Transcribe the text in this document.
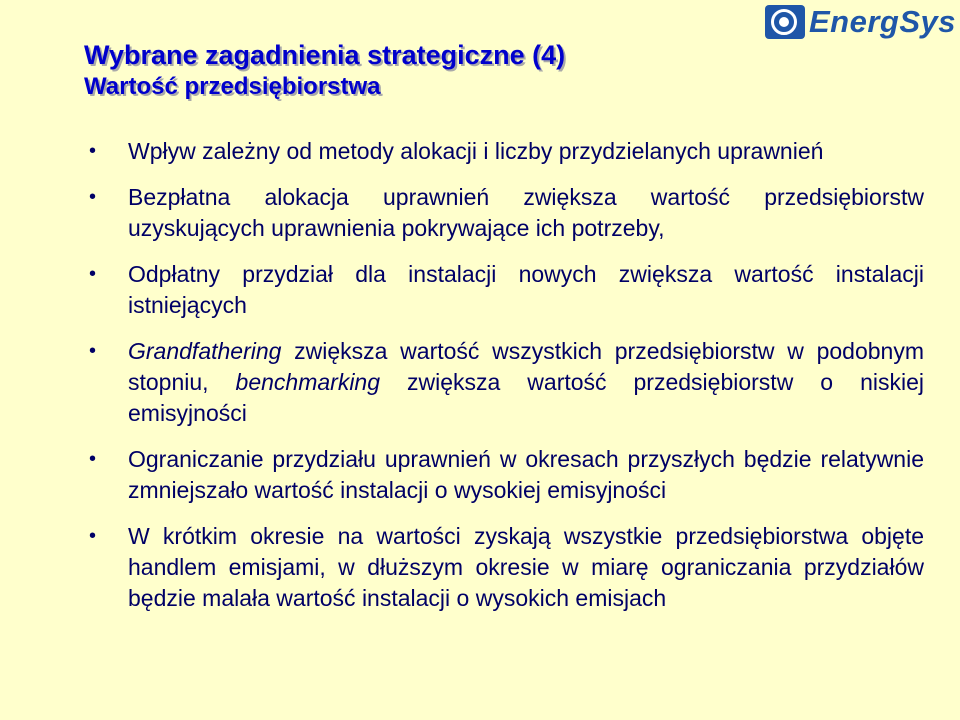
EnergSys
Wybrane zagadnienia strategiczne (4)
Wartość przedsiębiorstwa
• Wpływ zależny od metody alokacji i liczby przydzielanych uprawnień
• Bezpłatna alokacja uprawnień zwiększa wartość przedsiębiorstw uzyskujących uprawnienia pokrywające ich potrzeby,
• Odpłatny przydział dla instalacji nowych zwiększa wartość instalacji istniejących
• Grandfathering zwiększa wartość wszystkich przedsiębiorstw w podobnym stopniu, benchmarking zwiększa wartość przedsiębiorstw o niskiej emisyjności
• Ograniczanie przydziału uprawnień w okresach przyszłych będzie relatywnie zmniejszało wartość instalacji o wysokiej emisyjności
• W krótkim okresie na wartości zyskają wszystkie przedsiębiorstwa objęte handlem emisjami, w dłuższym okresie w miarę ograniczania przydziałów będzie malała wartość instalacji o wysokich emisjach
